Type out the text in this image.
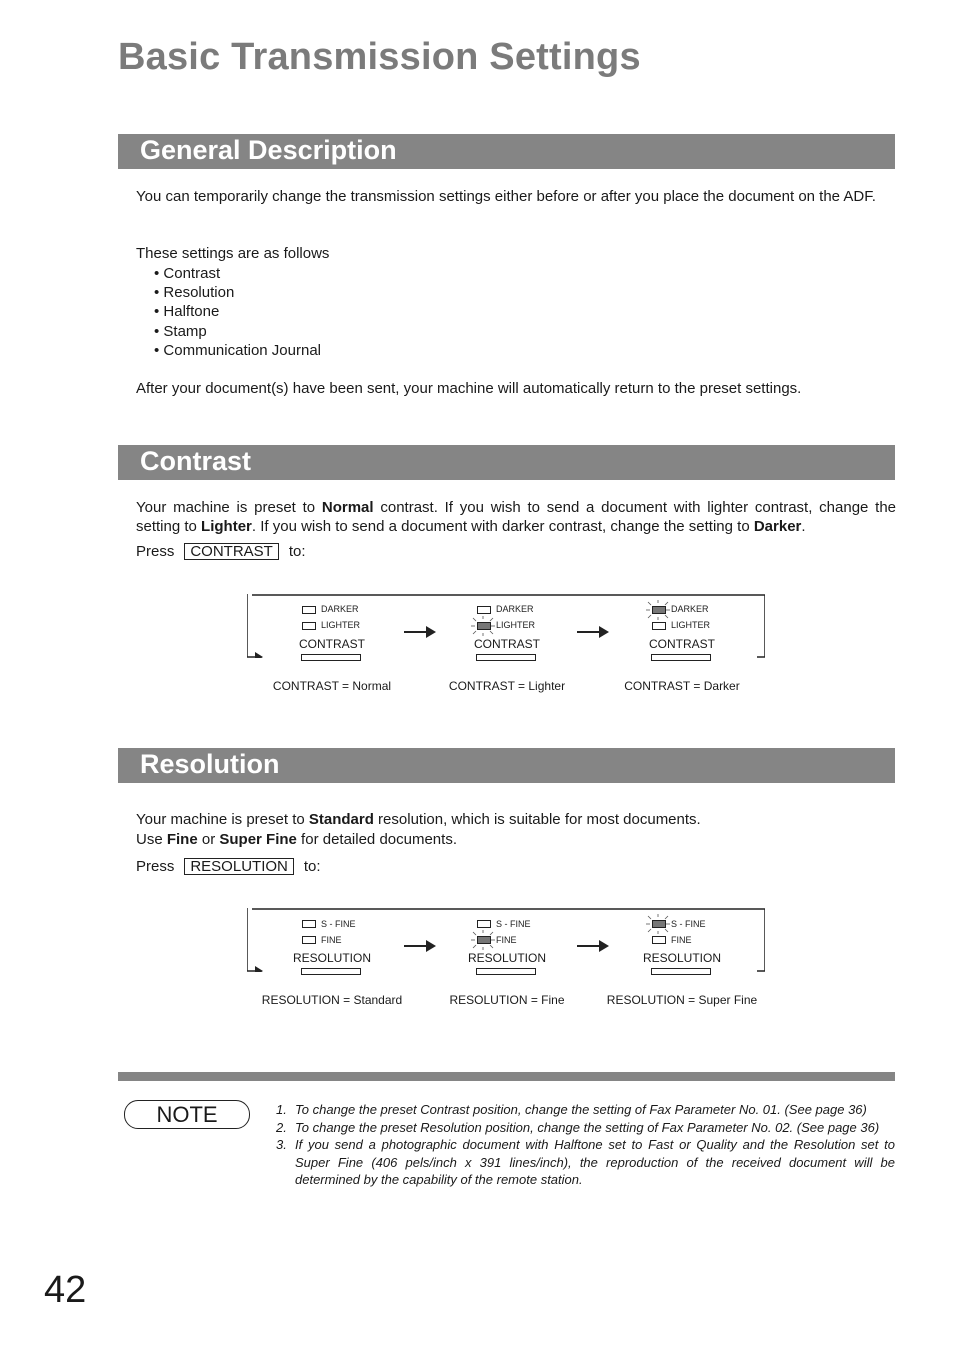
Basic Transmission Settings
General Description

You can temporarily change the transmission settings either before or after you place the document on the ADF.

These settings are as follows

• Contrast
• Resolution
• Halftone
• Stamp
• Communication Journal

After your document(s) have been sent, your machine will automatically return to the preset settings.

Contrast

Your machine is preset to Normal contrast. If you wish to send a document with lighter contrast, change the setting to Lighter. If you wish to send a document with darker contrast, change the setting to Darker.

Press CONTRAST to:

DARKER
LIGHTER
CONTRAST
DARKER
LIGHTER
CONTRAST
DARKER
LIGHTER
CONTRAST
CONTRAST = Normal	CONTRAST = Lighter	CONTRAST = Darker
Resolution

Your machine is preset to Standard resolution, which is suitable for most documents.

Use Fine or Super Fine for detailed documents.

Press RESOLUTION to:

S - FINE
FINE
RESOLUTION
S - FINE
FINE
RESOLUTION
S - FINE
FINE
RESOLUTION
RESOLUTION = Standard	RESOLUTION = Fine	RESOLUTION = Super Fine
NOTE	1. To change the preset Contrast position, change the setting of Fax Parameter No. 01. (See page 36)
2. To change the preset Resolution position, change the setting of Fax Parameter No. 02. (See page 36)
3. If you send a photographic document with Halftone set to Fast or Quality and the Resolution set to Super Fine (406 pels/inch x 391 lines/inch), the reproduction of the received document will be determined by the capability of the remote station.
42
